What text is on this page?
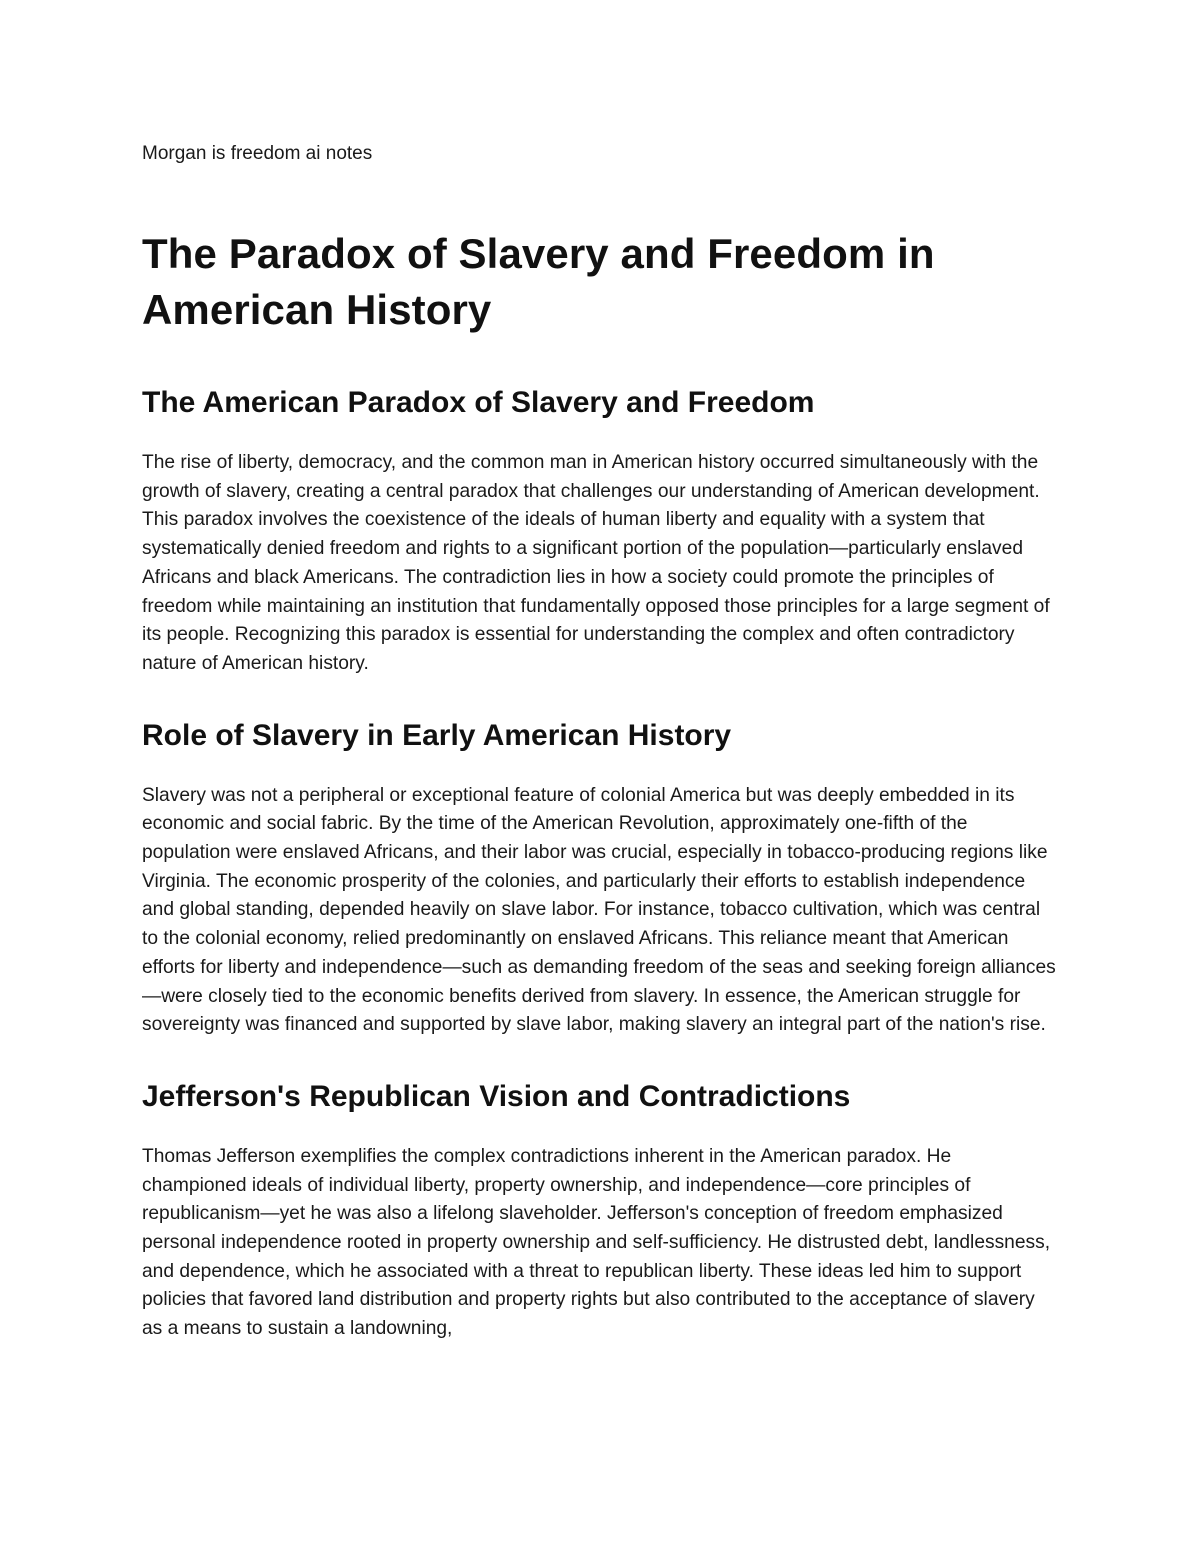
Morgan is freedom ai notes

The Paradox of Slavery and Freedom in American History
The American Paradox of Slavery and Freedom

The rise of liberty, democracy, and the common man in American history occurred simultaneously with the growth of slavery, creating a central paradox that challenges our understanding of American development. This paradox involves the coexistence of the ideals of human liberty and equality with a system that systematically denied freedom and rights to a significant portion of the population—particularly enslaved Africans and black Americans. The contradiction lies in how a society could promote the principles of freedom while maintaining an institution that fundamentally opposed those principles for a large segment of its people. Recognizing this paradox is essential for understanding the complex and often contradictory nature of American history.

Role of Slavery in Early American History

Slavery was not a peripheral or exceptional feature of colonial America but was deeply embedded in its economic and social fabric. By the time of the American Revolution, approximately one-fifth of the population were enslaved Africans, and their labor was crucial, especially in tobacco-producing regions like Virginia. The economic prosperity of the colonies, and particularly their efforts to establish independence and global standing, depended heavily on slave labor. For instance, tobacco cultivation, which was central to the colonial economy, relied predominantly on enslaved Africans. This reliance meant that American efforts for liberty and independence—such as demanding freedom of the seas and seeking foreign alliances—were closely tied to the economic benefits derived from slavery. In essence, the American struggle for sovereignty was financed and supported by slave labor, making slavery an integral part of the nation's rise.

Jefferson's Republican Vision and Contradictions

Thomas Jefferson exemplifies the complex contradictions inherent in the American paradox. He championed ideals of individual liberty, property ownership, and independence—core principles of republicanism—yet he was also a lifelong slaveholder. Jefferson's conception of freedom emphasized personal independence rooted in property ownership and self-sufficiency. He distrusted debt, landlessness, and dependence, which he associated with a threat to republican liberty. These ideas led him to support policies that favored land distribution and property rights but also contributed to the acceptance of slavery as a means to sustain a landowning,
